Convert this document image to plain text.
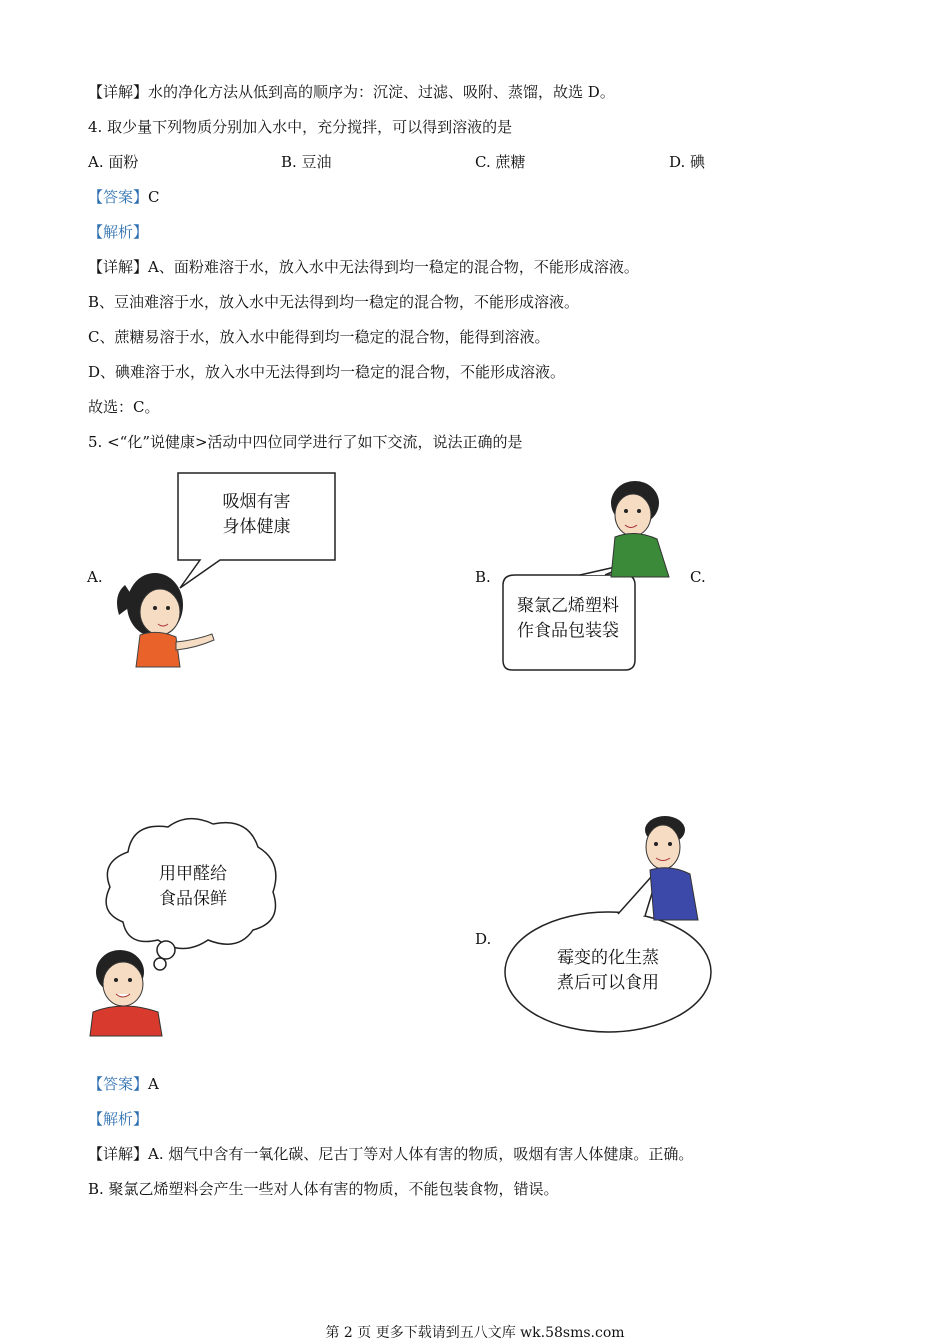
【详解】水的净化方法从低到高的顺序为：沉淀、过滤、吸附、蒸馏，故选 D。
4. 取少量下列物质分别加入水中，充分搅拌，可以得到溶液的是
A. 面粉	B. 豆油	C. 蔗糖	D. 碘
【答案】C
【解析】
【详解】A、面粉难溶于水，放入水中无法得到均一稳定的混合物，不能形成溶液。
B、豆油难溶于水，放入水中无法得到均一稳定的混合物，不能形成溶液。
C、蔗糖易溶于水，放入水中能得到均一稳定的混合物，能得到溶液。
D、碘难溶于水，放入水中无法得到均一稳定的混合物，不能形成溶液。
故选：C。
5. <“化”说健康>活动中四位同学进行了如下交流，说法正确的是
A.	B.	C.
D.
吸烟有害
身体健康
聚氯乙烯塑料
作食品包装袋
用甲醛给
食品保鲜
霉变的化生蒸
煮后可以食用
【答案】A
【解析】
【详解】A. 烟气中含有一氧化碳、尼古丁等对人体有害的物质，吸烟有害人体健康。正确。
B. 聚氯乙烯塑料会产生一些对人体有害的物质，不能包装食物，错误。
第 2 页 更多下载请到五八文库 wk.58sms.com
